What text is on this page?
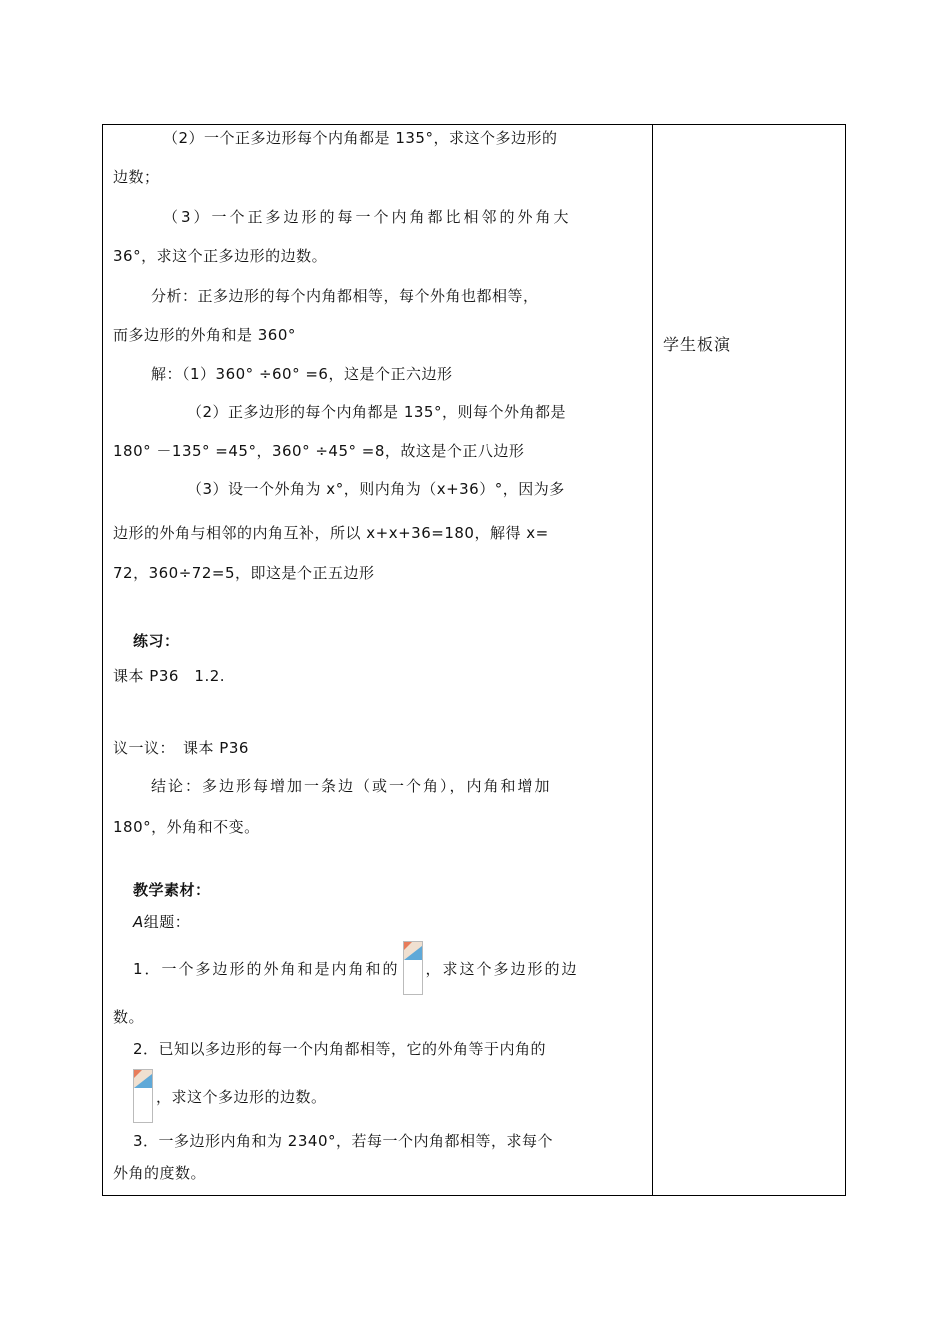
（2）一个正多边形每个内角都是 135°，求这个多边形的
边数；
（3）一个正多边形的每一个内角都比相邻的外角大
36°，求这个正多边形的边数。
分析：正多边形的每个内角都相等，每个外角也都相等，
而多边形的外角和是 360°
解：（1）360° ÷60° =6，这是个正六边形
（2）正多边形的每个内角都是 135°，则每个外角都是
180° －135° =45°，360° ÷45° =8，故这是个正八边形
（3）设一个外角为 x°，则内角为（x+36）°，因为多
边形的外角与相邻的内角互补，所以 x+x+36=180，解得 x=
72，360÷72=5，即这是个正五边形
练习：
课本 P36　1.2.
议一议：　课本 P36
结论：多边形每增加一条边（或一个角），内角和增加
180°，外角和不变。
教学素材：
A组题：
1．一个多边形的外角和是内角和的 ，求这个多边形的边
数。
2．已知以多边形的每一个内角都相等，它的外角等于内角的
，求这个多边形的边数。
3．一多边形内角和为 2340°，若每一个内角都相等，求每个
外角的度数。
学生板演
